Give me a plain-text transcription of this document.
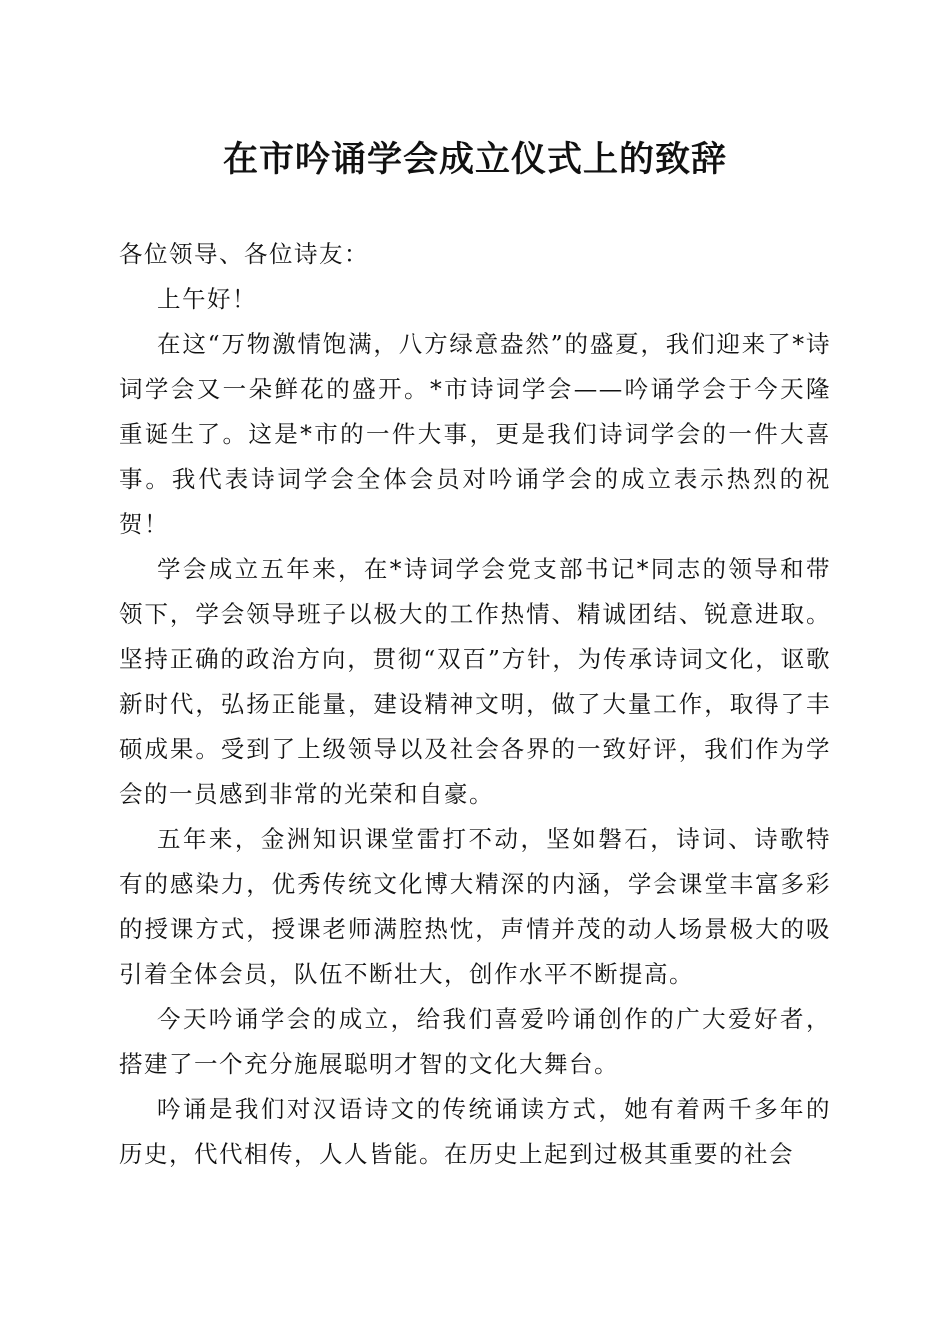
在市吟诵学会成立仪式上的致辞

各位领导、各位诗友：

上午好！

在这“万物激情饱满，八方绿意盎然”的盛夏，我们迎来了*诗词学会又一朵鲜花的盛开。*市诗词学会——吟诵学会于今天隆重诞生了。这是*市的一件大事，更是我们诗词学会的一件大喜事。我代表诗词学会全体会员对吟诵学会的成立表示热烈的祝贺！

学会成立五年来，在*诗词学会党支部书记*同志的领导和带领下，学会领导班子以极大的工作热情、精诚团结、锐意进取。坚持正确的政治方向，贯彻“双百”方针，为传承诗词文化，讴歌新时代，弘扬正能量，建设精神文明，做了大量工作，取得了丰硕成果。受到了上级领导以及社会各界的一致好评，我们作为学会的一员感到非常的光荣和自豪。

五年来，金洲知识课堂雷打不动，坚如磐石，诗词、诗歌特有的感染力，优秀传统文化博大精深的内涵，学会课堂丰富多彩的授课方式，授课老师满腔热忱，声情并茂的动人场景极大的吸引着全体会员，队伍不断壮大，创作水平不断提高。

今天吟诵学会的成立，给我们喜爱吟诵创作的广大爱好者，搭建了一个充分施展聪明才智的文化大舞台。

吟诵是我们对汉语诗文的传统诵读方式，她有着两千多年的历史，代代相传，人人皆能。在历史上起到过极其重要的社会
